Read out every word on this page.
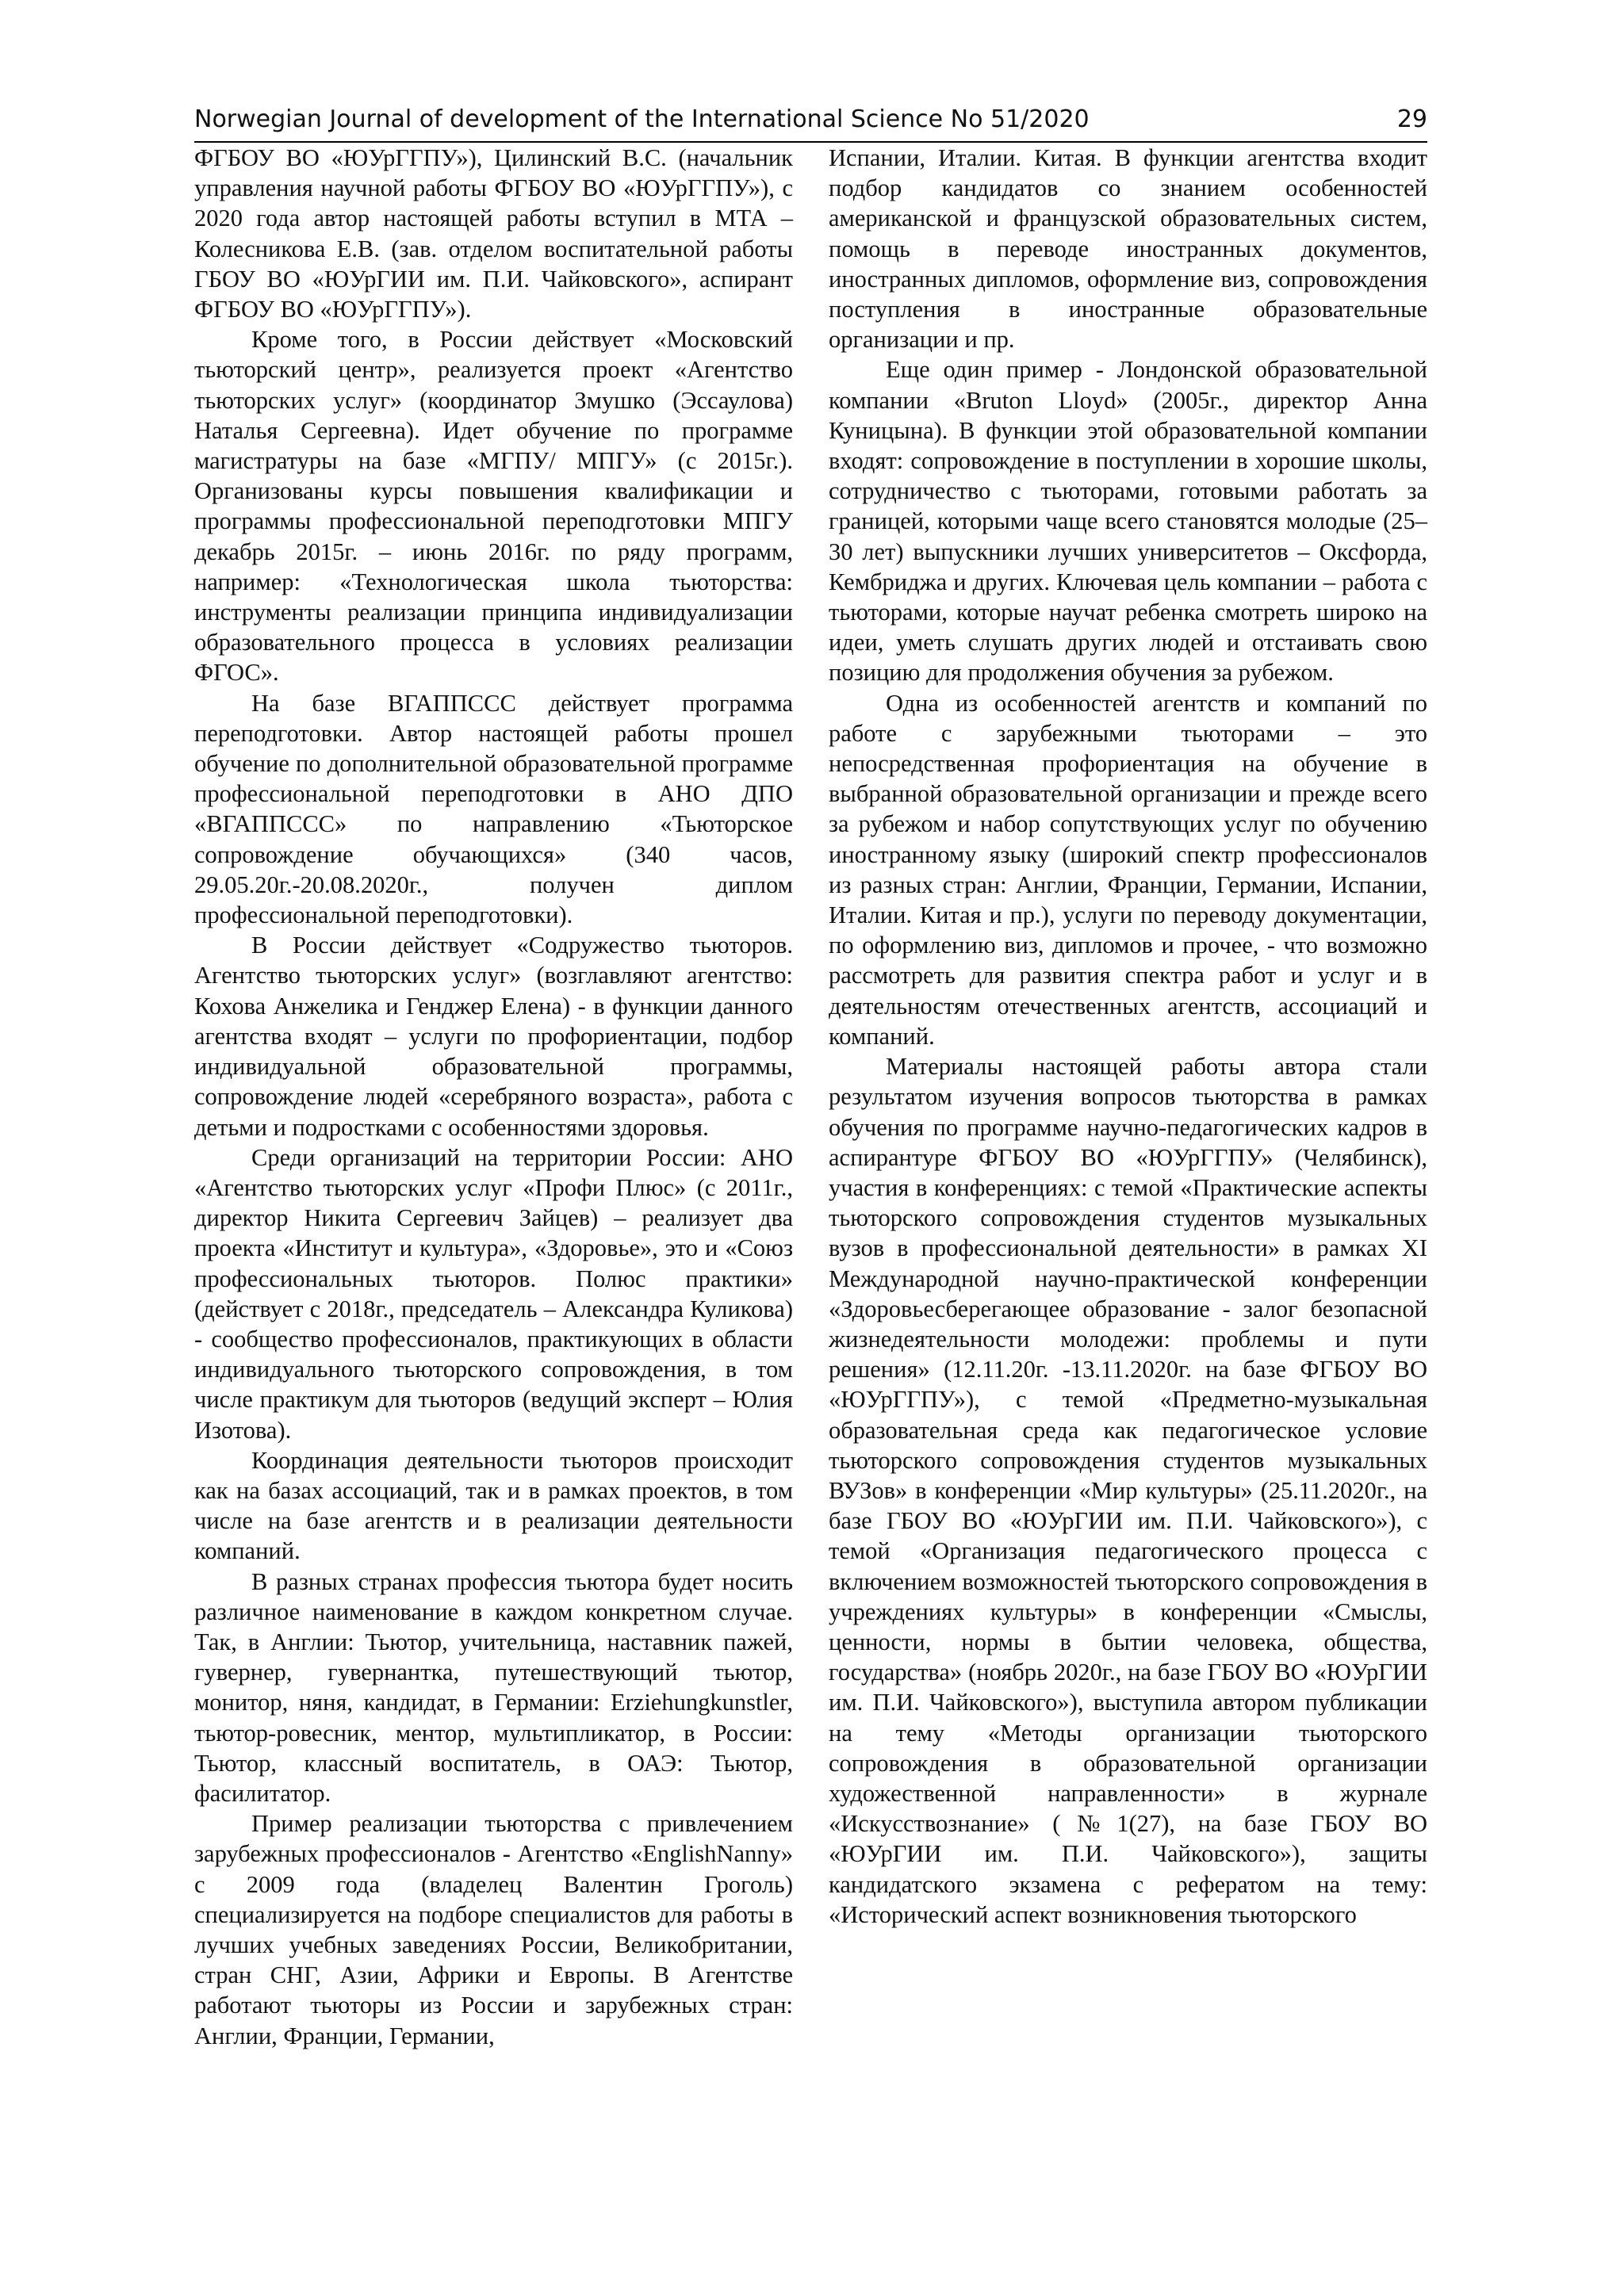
Norwegian Journal of development of the International Science No 51/2020	29

ФГБОУ ВО «ЮУрГГПУ»), Цилинский В.С. (начальник управления научной работы ФГБОУ ВО «ЮУрГГПУ»), с 2020 года автор настоящей работы вступил в МТА – Колесникова Е.В. (зав. отделом воспитательной работы ГБОУ ВО «ЮУрГИИ им. П.И. Чайковского», аспирант ФГБОУ ВО «ЮУрГГПУ»).

Кроме того, в России действует «Московский тьюторский центр», реализуется проект «Агентство тьюторских услуг» (координатор Змушко (Эссаулова) Наталья Сергеевна). Идет обучение по программе магистратуры на базе «МГПУ/ МПГУ» (с 2015г.). Организованы курсы повышения квалификации и программы профессиональной переподготовки МПГУ декабрь 2015г. – июнь 2016г. по ряду программ, например: «Технологическая школа тьюторства: инструменты реализации принципа индивидуализации образовательного процесса в условиях реализации ФГОС».

На базе ВГАППССС действует программа переподготовки. Автор настоящей работы прошел обучение по дополнительной образовательной программе профессиональной переподготовки в АНО ДПО «ВГАППССС» по направлению «Тьюторское сопровождение обучающихся» (340 часов, 29.05.20г.-20.08.2020г., получен диплом профессиональной переподготовки).

В России действует «Содружество тьюторов. Агентство тьюторских услуг» (возглавляют агентство: Кохова Анжелика и Генджер Елена) - в функции данного агентства входят – услуги по профориентации, подбор индивидуальной образовательной программы, сопровождение людей «серебряного возраста», работа с детьми и подростками с особенностями здоровья.

Среди организаций на территории России: АНО «Агентство тьюторских услуг «Профи Плюс» (с 2011г., директор Никита Сергеевич Зайцев) – реализует два проекта «Институт и культура», «Здоровье», это и «Союз профессиональных тьюторов. Полюс практики» (действует с 2018г., председатель – Александра Куликова) - сообщество профессионалов, практикующих в области индивидуального тьюторского сопровождения, в том числе практикум для тьюторов (ведущий эксперт – Юлия Изотова).

Координация деятельности тьюторов происходит как на базах ассоциаций, так и в рамках проектов, в том числе на базе агентств и в реализации деятельности компаний.

В разных странах профессия тьютора будет носить различное наименование в каждом конкретном случае. Так, в Англии: Тьютор, учительница, наставник пажей, гувернер, гувернантка, путешествующий тьютор, монитор, няня, кандидат, в Германии: Erziehungkunstler, тьютор-ровесник, ментор, мультипликатор, в России: Тьютор, классный воспитатель, в ОАЭ: Тьютор, фасилитатор.

Пример реализации тьюторства с привлечением зарубежных профессионалов - Агентство «EnglishNanny» с 2009 года (владелец Валентин Гроголь) специализируется на подборе специалистов для работы в лучших учебных заведениях России, Великобритании, стран СНГ, Азии, Африки и Европы. В Агентстве работают тьюторы из России и зарубежных стран: Англии, Франции, Германии,

Испании, Италии. Китая. В функции агентства входит подбор кандидатов со знанием особенностей американской и французской образовательных систем, помощь в переводе иностранных документов, иностранных дипломов, оформление виз, сопровождения поступления в иностранные образовательные организации и пр.

Еще один пример - Лондонской образовательной компании «Bruton Lloyd» (2005г., директор Анна Куницына). В функции этой образовательной компании входят: сопровождение в поступлении в хорошие школы, сотрудничество с тьюторами, готовыми работать за границей, которыми чаще всего становятся молодые (25–30 лет) выпускники лучших университетов – Оксфорда, Кембриджа и других. Ключевая цель компании – работа с тьюторами, которые научат ребенка смотреть широко на идеи, уметь слушать других людей и отстаивать свою позицию для продолжения обучения за рубежом.

Одна из особенностей агентств и компаний по работе с зарубежными тьюторами – это непосредственная профориентация на обучение в выбранной образовательной организации и прежде всего за рубежом и набор сопутствующих услуг по обучению иностранному языку (широкий спектр профессионалов из разных стран: Англии, Франции, Германии, Испании, Италии. Китая и пр.), услуги по переводу документации, по оформлению виз, дипломов и прочее, - что возможно рассмотреть для развития спектра работ и услуг и в деятельностям отечественных агентств, ассоциаций и компаний.

Материалы настоящей работы автора стали результатом изучения вопросов тьюторства в рамках обучения по программе научно-педагогических кадров в аспирантуре ФГБОУ ВО «ЮУрГГПУ» (Челябинск), участия в конференциях: с темой «Практические аспекты тьюторского сопровождения студентов музыкальных вузов в профессиональной деятельности» в рамках XI Международной научно-практической конференции «Здоровьесберегающее образование - залог безопасной жизнедеятельности молодежи: проблемы и пути решения» (12.11.20г. -13.11.2020г. на базе ФГБОУ ВО «ЮУрГГПУ»), с темой «Предметно-музыкальная образовательная среда как педагогическое условие тьюторского сопровождения студентов музыкальных ВУЗов» в конференции «Мир культуры» (25.11.2020г., на базе ГБОУ ВО «ЮУрГИИ им. П.И. Чайковского»), с темой «Организация педагогического процесса с включением возможностей тьюторского сопровождения в учреждениях культуры» в конференции «Смыслы, ценности, нормы в бытии человека, общества, государства» (ноябрь 2020г., на базе ГБОУ ВО «ЮУрГИИ им. П.И. Чайковского»), выступила автором публикации на тему «Методы организации тьюторского сопровождения в образовательной организации художественной направленности» в журнале «Искусствознание» (№1(27), на базе ГБОУ ВО «ЮУрГИИ им. П.И. Чайковского»), защиты кандидатского экзамена с рефератом на тему: «Исторический аспект возникновения тьюторского
